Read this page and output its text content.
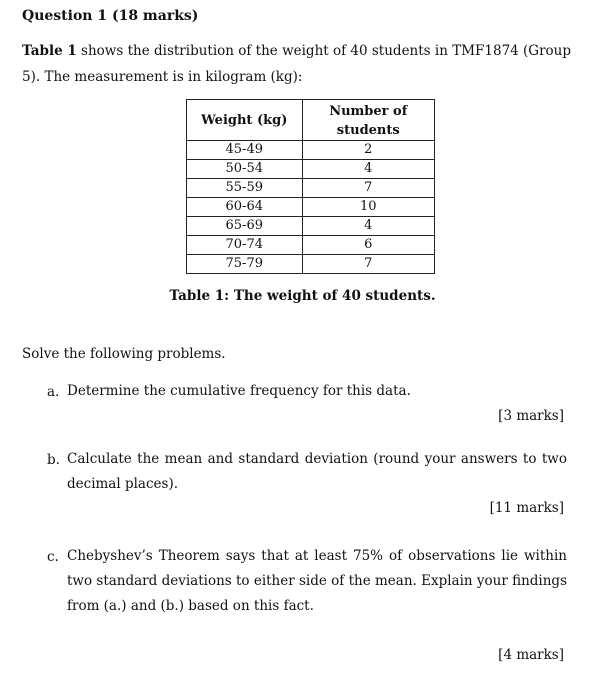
Question 1 (18 marks)
Table 1 shows the distribution of the weight of 40 students in TMF1874 (Group 5). The measurement is in kilogram (kg):
Weight (kg)	Number of students
45-49	2
50-54	4
55-59	7
60-64	10
65-69	4
70-74	6
75-79	7
Table 1: The weight of 40 students.
Solve the following problems.
a. Determine the cumulative frequency for this data.
[3 marks]
b. Calculate the mean and standard deviation (round your answers to two decimal places).
[11 marks]
c. Chebyshev’s Theorem says that at least 75% of observations lie within two standard deviations to either side of the mean. Explain your findings from (a.) and (b.) based on this fact.
[4 marks]
